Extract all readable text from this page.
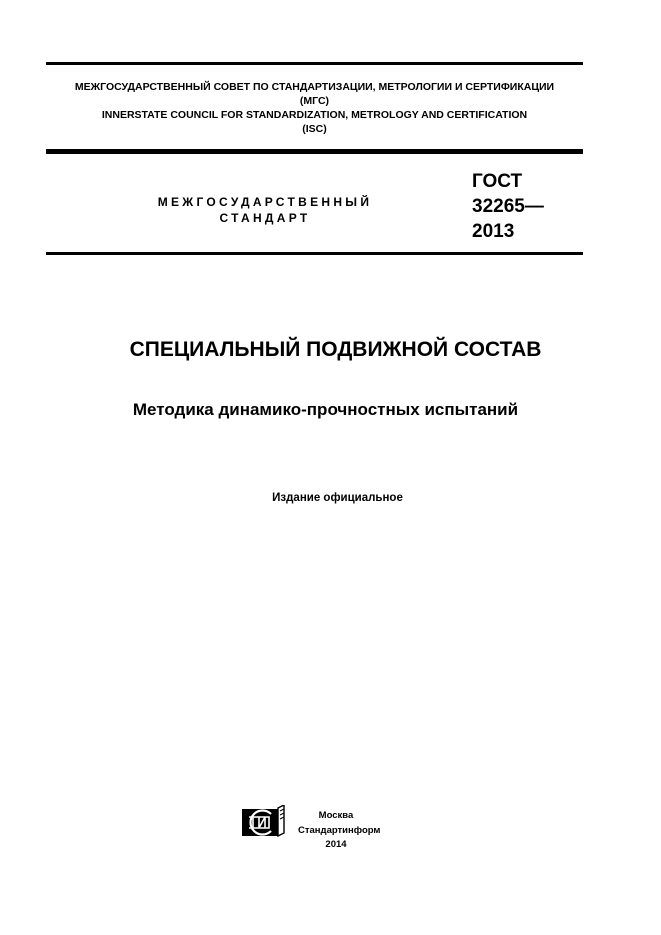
МЕЖГОСУДАРСТВЕННЫЙ СОВЕТ ПО СТАНДАРТИЗАЦИИ, МЕТРОЛОГИИ И СЕРТИФИКАЦИИ
(МГС)
INNERSTATE COUNCIL FOR STANDARDIZATION, METROLOGY AND CERTIFICATION
(ISC)
МЕЖГОСУДАРСТВЕННЫЙ
СТАНДАРТ
ГОСТ
32265—
2013
СПЕЦИАЛЬНЫЙ ПОДВИЖНОЙ СОСТАВ
Методика динамико-прочностных испытаний
Издание официальное
Москва
Стандартинформ
2014
